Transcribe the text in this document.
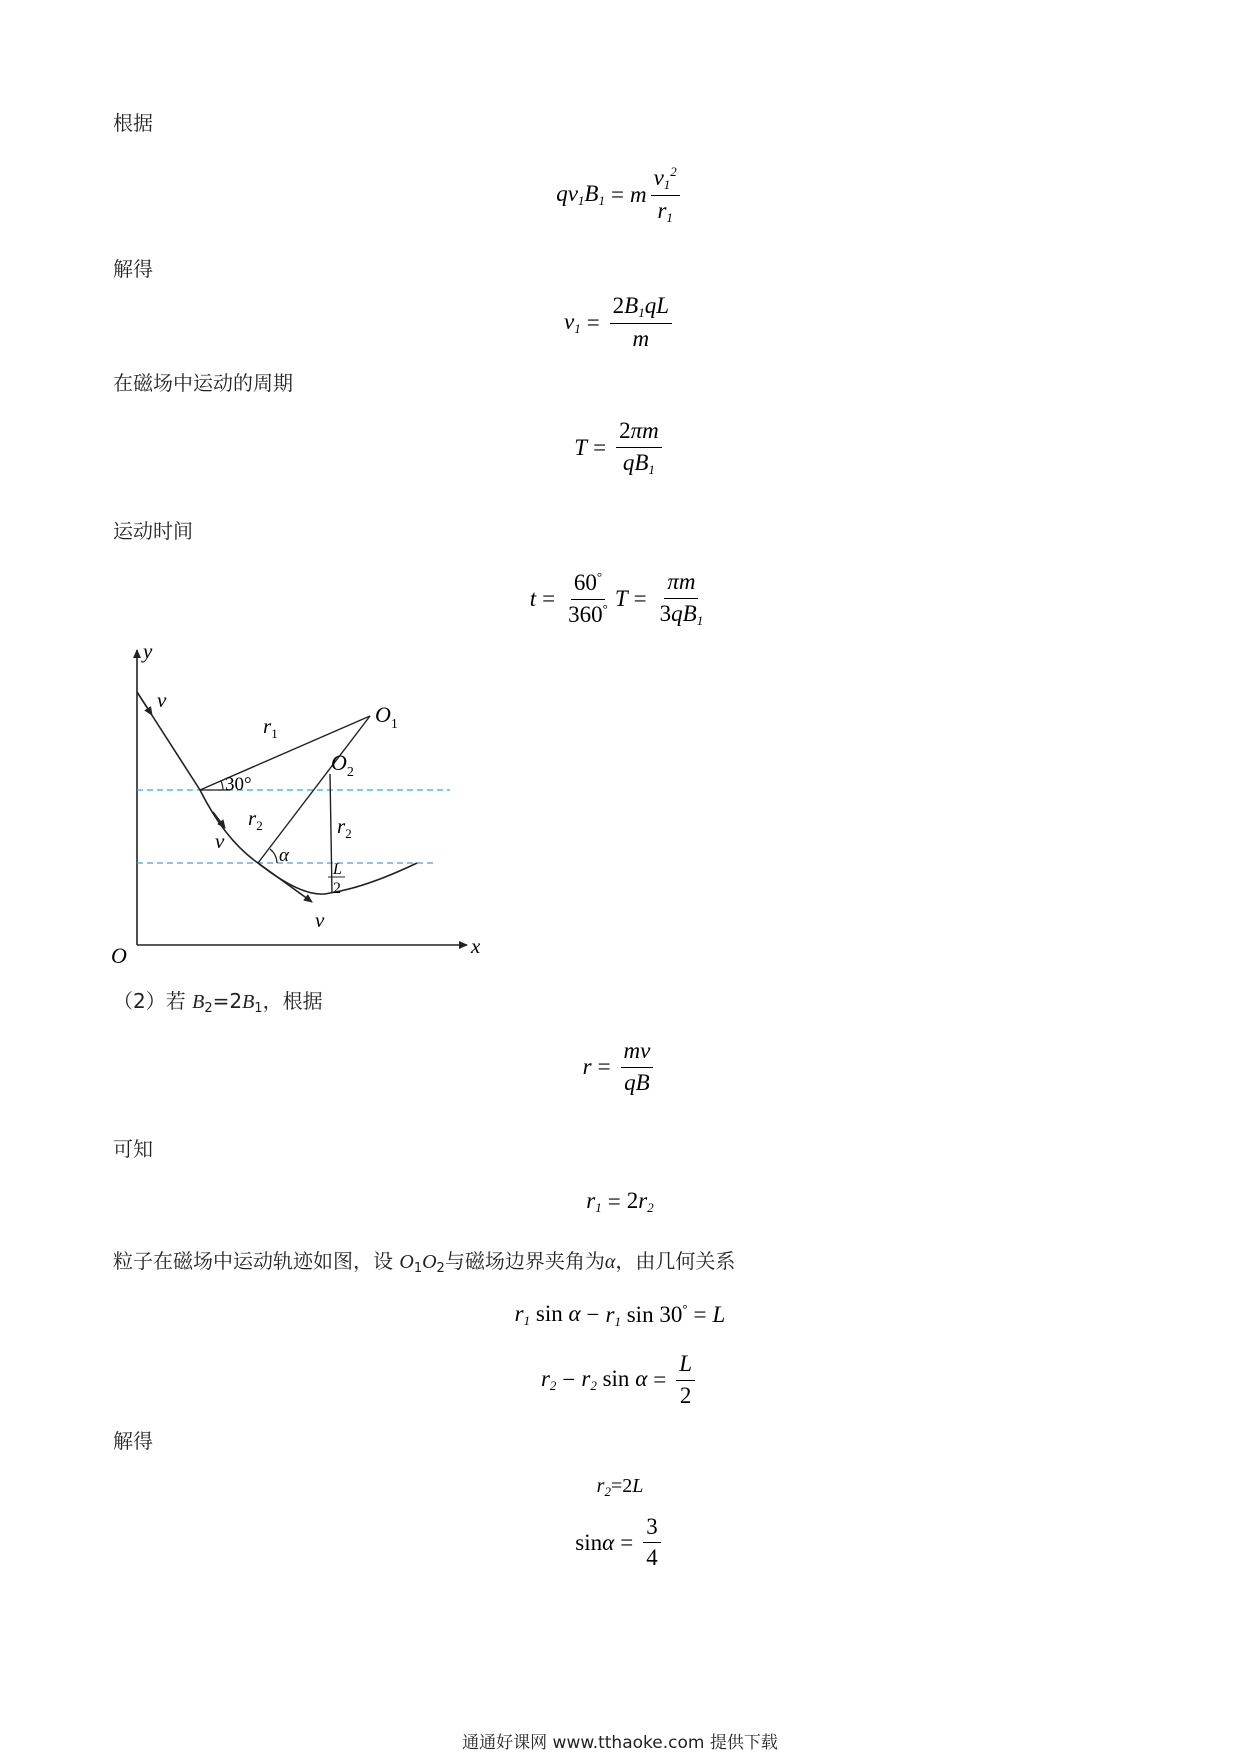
根据
解得
在磁场中运动的周期
运动时间
（2）若 $B_2=2B_1$，根据
可知
粒子在磁场中运动轨迹如图，设 $O_1O_2$与磁场边界夹角为α，由几何关系
解得
$qv_1B_1 = m \frac{v_1^2}{r_1}$
$v_1 = \frac{2B_1qL}{m}$
$T = \frac{2\pi m}{qB_1}$
$t = \frac{60^\circ}{360^\circ}$ $T = \frac{\pi m}{3qB_1}$
$r = \frac{mv}{qB}$
$r_1 = 2r_2$
$r_1$ $\sin \alpha - r_1$ sin 30° = L
$r_2 - r_2$ $\sin \alpha = \frac{L}{2}$
$r_2=2L$
$\sin \alpha = \frac{3}{4}$
y
x
O
v
v
v
$r_1$
$O_1$
$O_2$
30°
$r_2$	$r_2$
α
L
2
通通好课网 www.tthaoke.com 提供下载
